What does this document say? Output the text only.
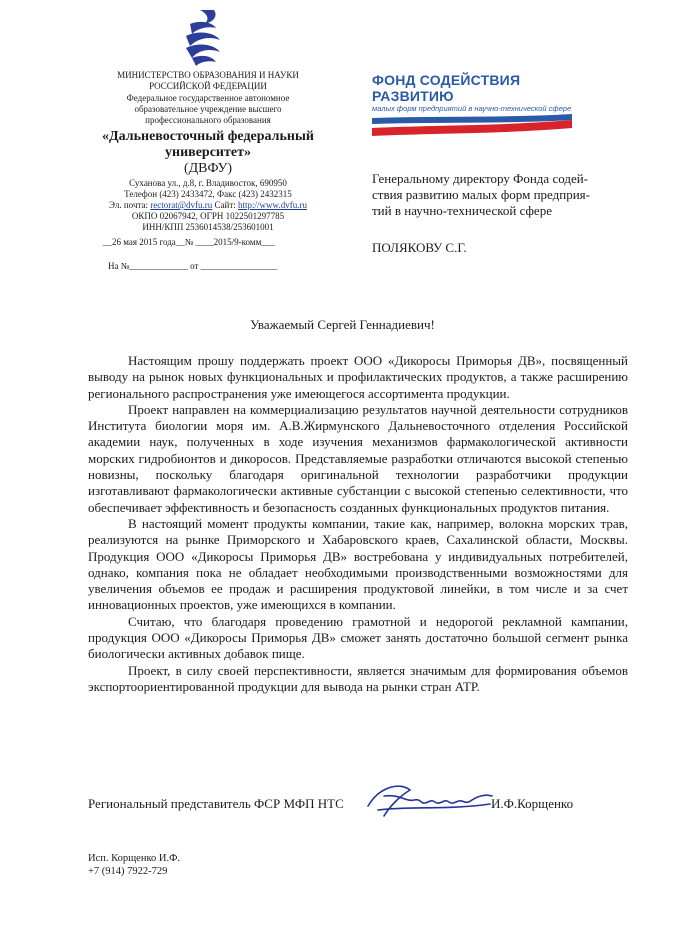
МИНИСТЕРСТВО ОБРАЗОВАНИЯ И НАУКИ
РОССИЙСКОЙ ФЕДЕРАЦИИ
Федеральное государственное автономное
образовательное учреждение высшего
профессионального образования
«Дальневосточный федеральный
университет»
(ДВФУ)
Суханова ул., д.8, г. Владивосток, 690950
Телефон (423) 2433472, Факс (423) 2432315
Эл. почта: rectorat@dvfu.ru Сайт: http://www.dvfu.ru
ОКПО 02067942, ОГРН 1022501297785
ИНН/КПП 2536014538/253601001
__26 мая 2015 года__№ ____2015/9-комм___
На №_____________ от _________________
ФОНД СОДЕЙСТВИЯ РАЗВИТИЮ
малых форм предприятий в научно-технической сфере
Генеральному директору Фонда содей-
ствия развитию малых форм предприя-
тий в научно-технической сфере
ПОЛЯКОВУ С.Г.
Уважаемый Сергей Геннадиевич!

Настоящим прошу поддержать проект ООО «Дикоросы Приморья ДВ», посвященный выводу на рынок новых функциональных и профилактических продуктов, а также расширению регионального распространения уже имеющегося ассортимента продукции.

Проект направлен на коммерциализацию результатов научной деятельности сотрудников Института биологии моря им. А.В.Жирмунского Дальневосточного отделения Российской академии наук, полученных в ходе изучения механизмов фармакологической активности морских гидробионтов и дикоросов. Представляемые разработки отличаются высокой степенью новизны, поскольку благодаря оригинальной технологии разработчики продукции изготавливают фармакологически активные субстанции с высокой степенью селективности, что обеспечивает эффективность и безопасность созданных функциональных продуктов питания.

В настоящий момент продукты компании, такие как, например, волокна морских трав, реализуются на рынке Приморского и Хабаровского краев, Сахалинской области, Москвы. Продукция ООО «Дикоросы Приморья ДВ» востребована у индивидуальных потребителей, однако, компания пока не обладает необходимыми производственными возможностями для увеличения объемов ее продаж и расширения продуктовой линейки, в том числе и за счет инновационных проектов, уже имеющихся в компании.

Считаю, что благодаря проведению грамотной и недорогой рекламной кампании, продукция ООО «Дикоросы Приморья ДВ» сможет занять достаточно большой сегмент рынка биологически активных добавок пище.

Проект, в силу своей перспективности, является значимым для формирования объемов экспортоориентированной продукции для вывода на рынки стран АТР.

Региональный представитель ФСР МФП НТС	И.Ф.Корщенко
Исп. Корщенко И.Ф.
+7 (914) 7922-729
